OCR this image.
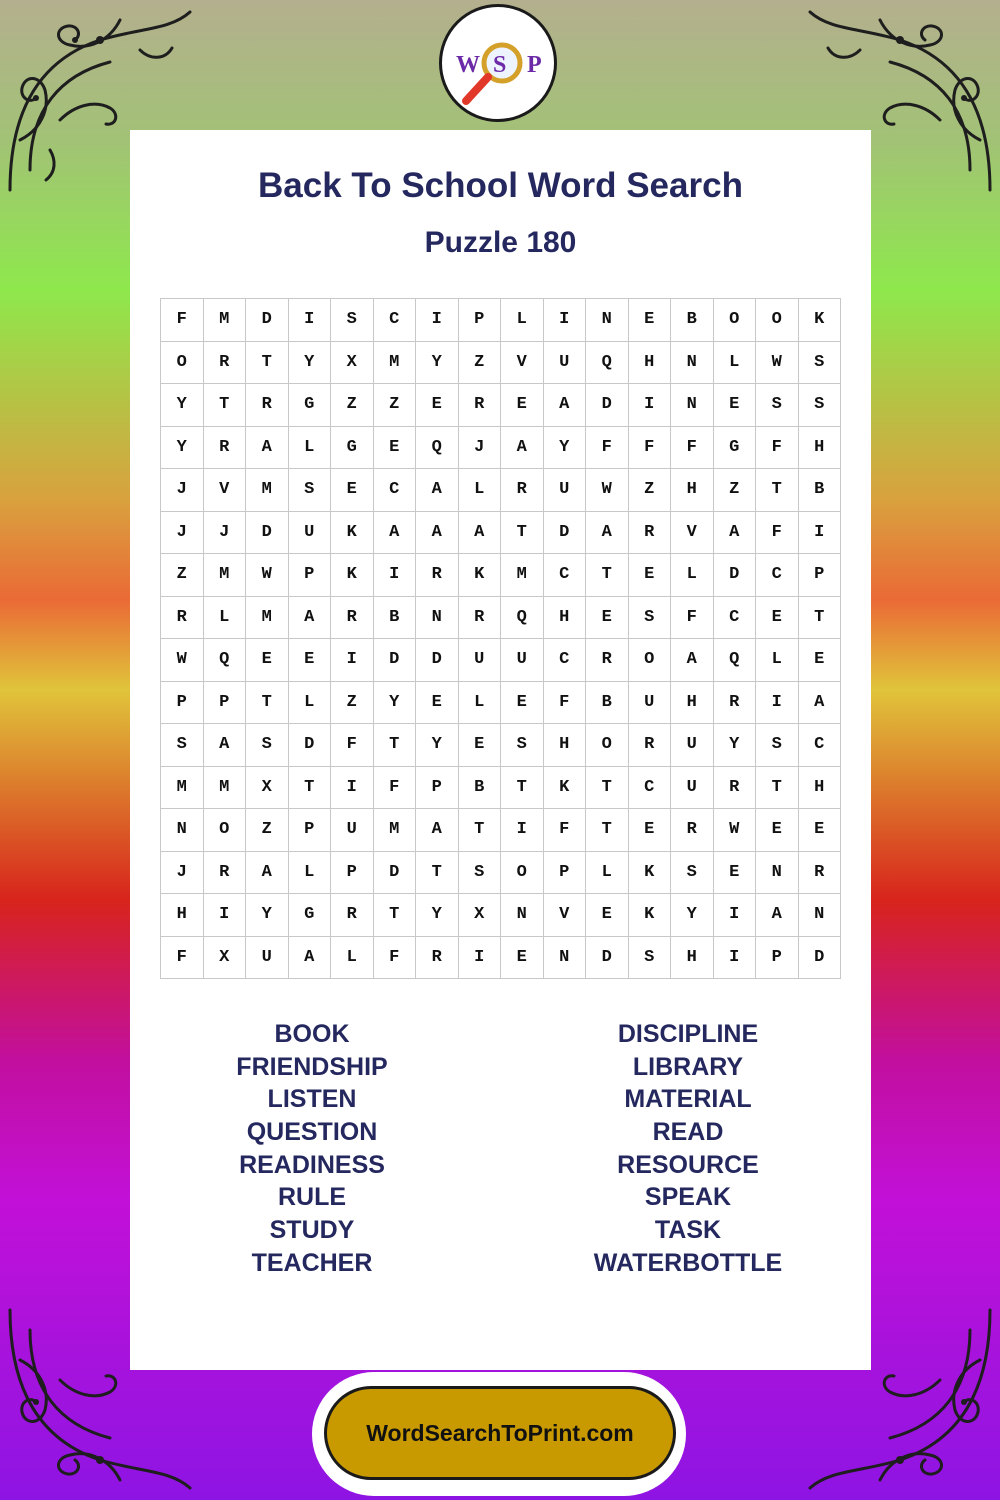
W S P
Back To School Word Search
Puzzle 180
F	M	D	I	S	C	I	P	L	I	N	E	B	O	O	K
O	R	T	Y	X	M	Y	Z	V	U	Q	H	N	L	W	S
Y	T	R	G	Z	Z	E	R	E	A	D	I	N	E	S	S
Y	R	A	L	G	E	Q	J	A	Y	F	F	F	G	F	H
J	V	M	S	E	C	A	L	R	U	W	Z	H	Z	T	B
J	J	D	U	K	A	A	A	T	D	A	R	V	A	F	I
Z	M	W	P	K	I	R	K	M	C	T	E	L	D	C	P
R	L	M	A	R	B	N	R	Q	H	E	S	F	C	E	T
W	Q	E	E	I	D	D	U	U	C	R	O	A	Q	L	E
P	P	T	L	Z	Y	E	L	E	F	B	U	H	R	I	A
S	A	S	D	F	T	Y	E	S	H	O	R	U	Y	S	C
M	M	X	T	I	F	P	B	T	K	T	C	U	R	T	H
N	O	Z	P	U	M	A	T	I	F	T	E	R	W	E	E
J	R	A	L	P	D	T	S	O	P	L	K	S	E	N	R
H	I	Y	G	R	T	Y	X	N	V	E	K	Y	I	A	N
F	X	U	A	L	F	R	I	E	N	D	S	H	I	P	D
BOOK
FRIENDSHIP
LISTEN
QUESTION
READINESS
RULE
STUDY
TEACHER
DISCIPLINE
LIBRARY
MATERIAL
READ
RESOURCE
SPEAK
TASK
WATERBOTTLE
WordSearchToPrint.com
